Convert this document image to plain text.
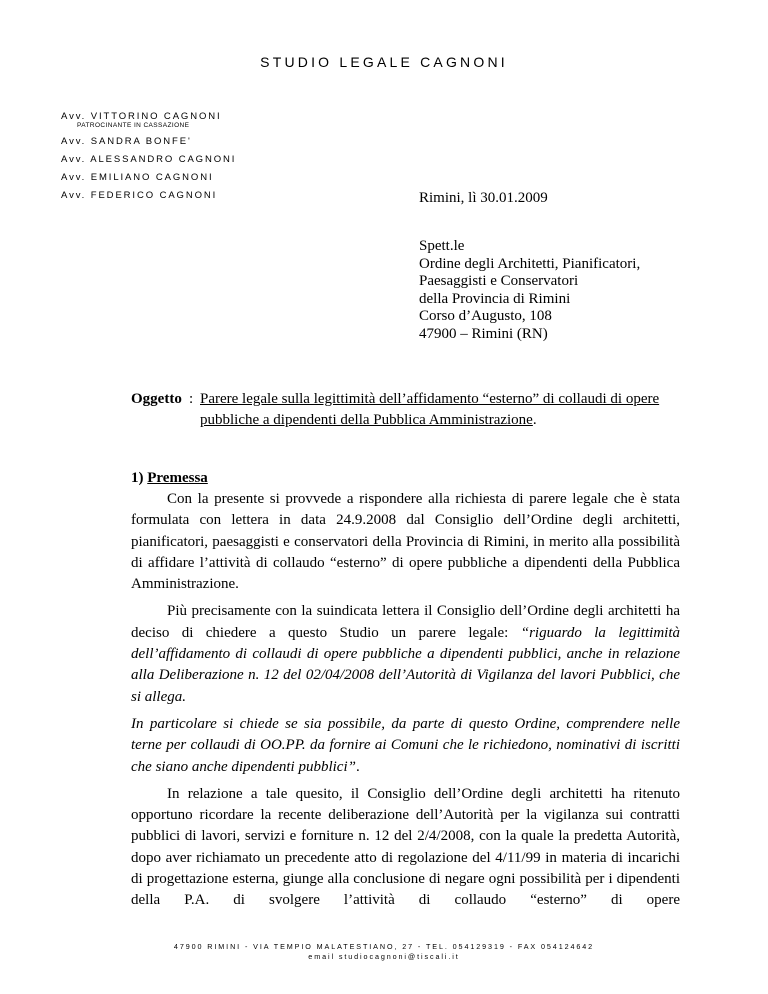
STUDIO LEGALE CAGNONI
Avv. VITTORINO CAGNONI
PATROCINANTE IN CASSAZIONE
Avv. SANDRA BONFE'
Avv. ALESSANDRO CAGNONI
Avv. EMILIANO CAGNONI
Avv. FEDERICO CAGNONI	Rimini, lì 30.01.2009
Spett.le
Ordine degli Architetti, Pianificatori,
Paesaggisti e Conservatori
della Provincia di Rimini
Corso d’Augusto, 108
47900 – Rimini (RN)
Oggetto : Parere legale sulla legittimità dell’affidamento “esterno” di collaudi di opere pubbliche a dipendenti della Pubblica Amministrazione.
1) Premessa

Con la presente si provvede a rispondere alla richiesta di parere legale che è stata formulata con lettera in data 24.9.2008 dal Consiglio dell’Ordine degli architetti, pianificatori, paesaggisti e conservatori della Provincia di Rimini, in merito alla possibilità di affidare l’attività di collaudo “esterno” di opere pubbliche a dipendenti della Pubblica Amministrazione.

Più precisamente con la suindicata lettera il Consiglio dell’Ordine degli architetti ha deciso di chiedere a questo Studio un parere legale: “riguardo la legittimità dell’affidamento di collaudi di opere pubbliche a dipendenti pubblici, anche in relazione alla Deliberazione n. 12 del 02/04/2008 dell’Autorità di Vigilanza del lavori Pubblici, che si allega.

In particolare si chiede se sia possibile, da parte di questo Ordine, comprendere nelle terne per collaudi di OO.PP. da fornire ai Comuni che le richiedono, nominativi di iscritti che siano anche dipendenti pubblici”.

In relazione a tale quesito, il Consiglio dell’Ordine degli architetti ha ritenuto opportuno ricordare la recente deliberazione dell’Autorità per la vigilanza sui contratti pubblici di lavori, servizi e forniture n. 12 del 2/4/2008, con la quale la predetta Autorità, dopo aver richiamato un precedente atto di regolazione del 4/11/99 in materia di incarichi di progettazione esterna, giunge alla conclusione di negare ogni possibilità per i dipendenti della P.A. di svolgere l’attività di collaudo “esterno” di opere

47900 RIMINI - VIA TEMPIO MALATESTIANO, 27 - TEL. 054129319 - FAX 054124642
email studiocagnoni@tiscali.it
